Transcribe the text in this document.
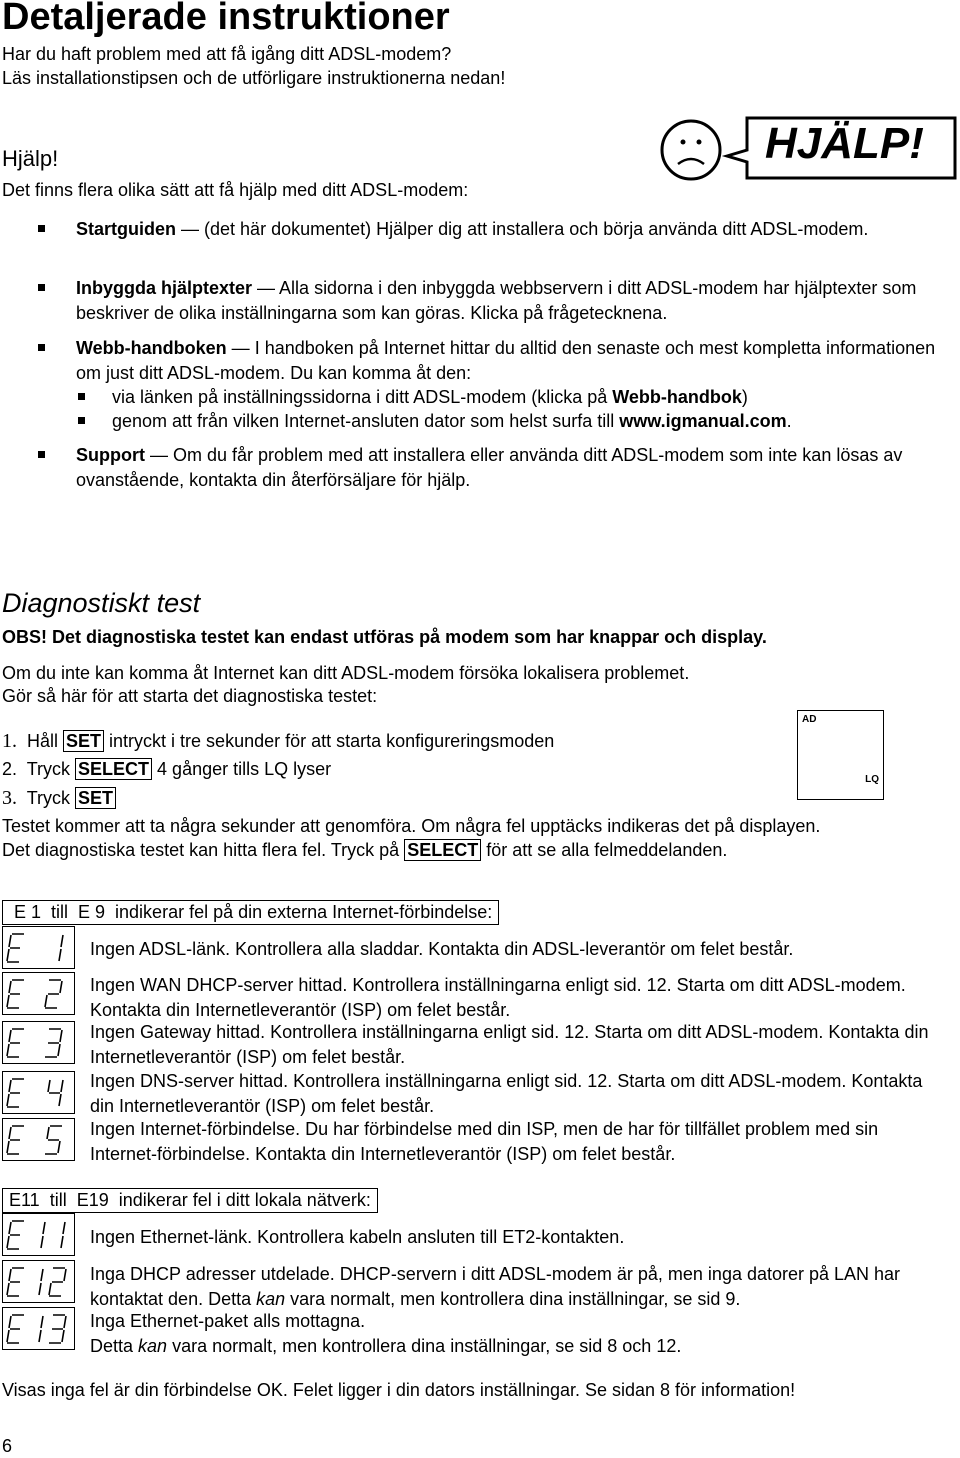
Detaljerade instruktioner
Har du haft problem med att få igång ditt ADSL-modem?
Läs installationstipsen och de utförligare instruktionerna nedan!
Hjälp!
Det finns flera olika sätt att få hjälp med ditt ADSL-modem:
HJÄLP!
Startguiden — (det här dokumentet) Hjälper dig att installera och börja använda ditt ADSL-modem.
Inbyggda hjälptexter — Alla sidorna i den inbyggda webbservern i ditt ADSL-modem har hjälptexter som beskriver de olika inställningarna som kan göras. Klicka på frågetecknena.
Webb-handboken — I handboken på Internet hittar du alltid den senaste och mest kompletta informationen om just ditt ADSL-modem. Du kan komma åt den:
via länken på inställningssidorna i ditt ADSL-modem (klicka på Webb-handbok)
genom att från vilken Internet-ansluten dator som helst surfa till www.igmanual.com.
Support — Om du får problem med att installera eller använda ditt ADSL-modem som inte kan lösas av ovanstående, kontakta din återförsäljare för hjälp.
Diagnostiskt test
OBS! Det diagnostiska testet kan endast utföras på modem som har knappar och display.
Om du inte kan komma åt Internet kan ditt ADSL-modem försöka lokalisera problemet.
Gör så här för att starta det diagnostiska testet:
1. Håll SET intryckt i tre sekunder för att starta konfigureringsmoden
2. Tryck SELECT 4 gånger tills LQ lyser
3. Tryck SET
AD
LQ
Testet kommer att ta några sekunder att genomföra. Om några fel upptäcks indikeras det på displayen.
Det diagnostiska testet kan hitta flera fel. Tryck på SELECT för att se alla felmeddelanden.
E 1  till  E 9  indikerar fel på din externa Internet-förbindelse:
Ingen ADSL-länk. Kontrollera alla sladdar. Kontakta din ADSL-leverantör om felet består.
Ingen WAN DHCP-server hittad. Kontrollera inställningarna enligt sid. 12. Starta om ditt ADSL-modem. Kontakta din Internetleverantör (ISP) om felet består.
Ingen Gateway hittad. Kontrollera inställningarna enligt sid. 12. Starta om ditt ADSL-modem. Kontakta din Internetleverantör (ISP) om felet består.
Ingen DNS-server hittad. Kontrollera inställningarna enligt sid. 12. Starta om ditt ADSL-modem. Kontakta din Internetleverantör (ISP) om felet består.
Ingen Internet-förbindelse. Du har förbindelse med din ISP, men de har för tillfället problem med sin Internet-förbindelse. Kontakta din Internetleverantör (ISP) om felet består.
E11  till  E19  indikerar fel i ditt lokala nätverk:
Ingen Ethernet-länk. Kontrollera kabeln ansluten till ET2-kontakten.
Inga DHCP adresser utdelade. DHCP-servern i ditt ADSL-modem är på, men inga datorer på LAN har kontaktat den. Detta kan vara normalt, men kontrollera dina inställningar, se sid 9.
Inga Ethernet-paket alls mottagna.
Detta kan vara normalt, men kontrollera dina inställningar, se sid 8 och 12.
Visas inga fel är din förbindelse OK. Felet ligger i din dators inställningar. Se sidan 8 för information!
6
